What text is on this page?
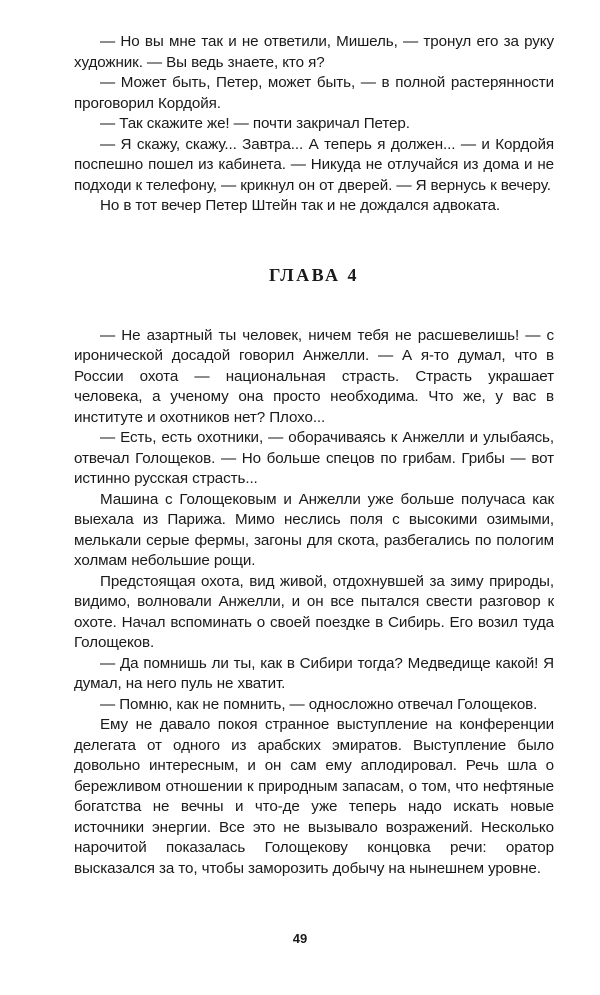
— Но вы мне так и не ответили, Мишель, — тронул его за руку художник. — Вы ведь знаете, кто я?

— Может быть, Петер, может быть, — в полной растерянности проговорил Кордойя.

— Так скажите же! — почти закричал Петер.

— Я скажу, скажу... Завтра... А теперь я должен... — и Кордойя поспешно пошел из кабинета. — Никуда не отлучайся из дома и не подходи к телефону, — крикнул он от дверей. — Я вернусь к вечеру.

Но в тот вечер Петер Штейн так и не дождался адвоката.

ГЛАВА 4

— Не азартный ты человек, ничем тебя не расшевелишь! — с иронической досадой говорил Анжелли. — А я-то думал, что в России охота — национальная страсть. Страсть украшает человека, а ученому она просто необходима. Что же, у вас в институте и охотников нет? Плохо...

— Есть, есть охотники, — оборачиваясь к Анжелли и улыбаясь, отвечал Голощеков. — Но больше спецов по грибам. Грибы — вот истинно русская страсть...

Машина с Голощековым и Анжелли уже больше получаса как выехала из Парижа. Мимо неслись поля с высокими озимыми, мелькали серые фермы, загоны для скота, разбегались по пологим холмам небольшие рощи.

Предстоящая охота, вид живой, отдохнувшей за зиму природы, видимо, волновали Анжелли, и он все пытался свести разговор к охоте. Начал вспоминать о своей поездке в Сибирь. Его возил туда Голощеков.

— Да помнишь ли ты, как в Сибири тогда? Медведище какой! Я думал, на него пуль не хватит.

— Помню, как не помнить, — односложно отвечал Голощеков.

Ему не давало покоя странное выступление на конференции делегата от одного из арабских эмиратов. Выступление было довольно интересным, и он сам ему аплодировал. Речь шла о бережливом отношении к природным запасам, о том, что нефтяные богатства не вечны и что-де уже теперь надо искать новые источники энергии. Все это не вызывало возражений. Несколько нарочитой показалась Голощекову концовка речи: оратор высказался за то, чтобы заморозить добычу на нынешнем уровне.

49
